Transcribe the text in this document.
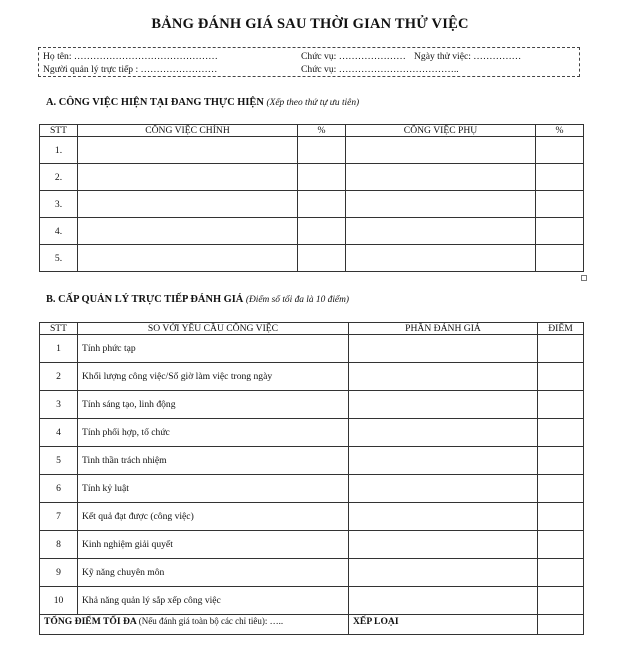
BẢNG ĐÁNH GIÁ SAU THỜI GIAN THỬ VIỆC
Họ tên: ………………………………………	Chức vụ: ………………… Ngày thử việc: ……………
Người quản lý trực tiếp : ……………………	Chức vụ: ………………………………..
A. CÔNG VIỆC HIỆN TẠI ĐANG THỰC HIỆN (Xếp theo thứ tự ưu tiên)
STT	CÔNG VIỆC CHÍNH	%	CÔNG VIỆC PHỤ	%
1.				
2.				
3.				
4.				
5.				
B. CẤP QUẢN LÝ TRỰC TIẾP ĐÁNH GIÁ (Điểm số tối đa là 10 điểm)
STT	SO VỚI YÊU CẦU CÔNG VIỆC	PHẦN ĐÁNH GIÁ	ĐIỂM
1	Tính phức tạp		
2	Khối lượng công việc/Số giờ làm việc trong ngày		
3	Tính sáng tạo, linh động		
4	Tính phối hợp, tổ chức		
5	Tinh thần trách nhiệm		
6	Tính kỷ luật		
7	Kết quả đạt được (công việc)		
8	Kinh nghiệm giải quyết		
9	Kỹ năng chuyên môn		
10	Khả năng quản lý sắp xếp công việc		
TỔNG ĐIỂM TỐI ĐA (Nếu đánh giá toàn bộ các chỉ tiêu): …..		XẾP LOẠI	
